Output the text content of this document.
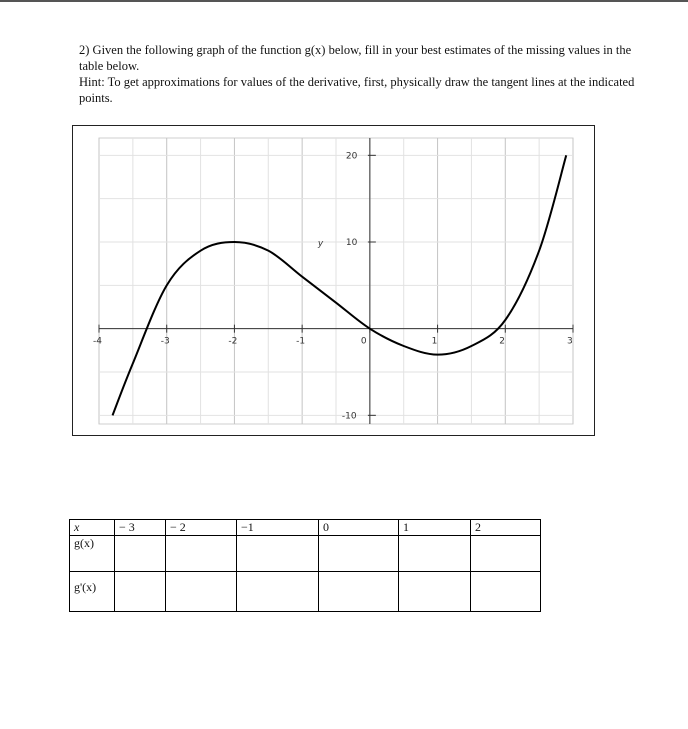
2) Given the following graph of the function g(x) below, fill in your best estimates of the missing values in the table below.

Hint: To get approximations for values of the derivative, first, physically draw the tangent lines at the indicated points.

-4	-3	-2	-1	0	1	2	3
20
10
-10
y
x	− 3	− 2	−1	0	1	2
g(x)						
g'(x)						
